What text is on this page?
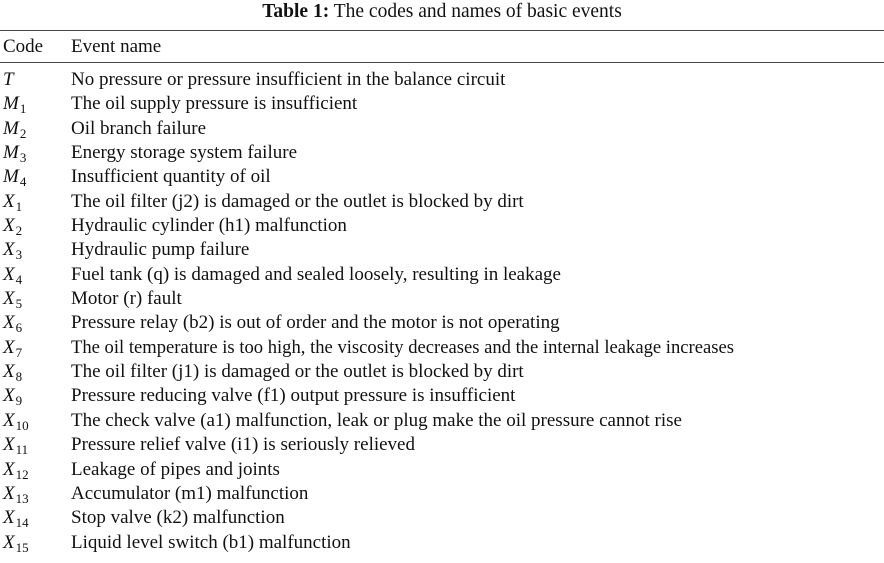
Table 1: The codes and names of basic events
Code	Event name
T	No pressure or pressure insufficient in the balance circuit
$M_1$	The oil supply pressure is insufficient
$M_2$	Oil branch failure
$M_3$	Energy storage system failure
$M_4$	Insufficient quantity of oil
$X_1$	The oil filter (j2) is damaged or the outlet is blocked by dirt
$X_2$	Hydraulic cylinder (h1) malfunction
$X_3$	Hydraulic pump failure
$X_4$	Fuel tank (q) is damaged and sealed loosely, resulting in leakage
$X_5$	Motor (r) fault
$X_6$	Pressure relay (b2) is out of order and the motor is not operating
$X_7$	The oil temperature is too high, the viscosity decreases and the internal leakage increases
$X_8$	The oil filter (j1) is damaged or the outlet is blocked by dirt
$X_9$	Pressure reducing valve (f1) output pressure is insufficient
$X_{10}$	The check valve (a1) malfunction, leak or plug make the oil pressure cannot rise
$X_{11}$	Pressure relief valve (i1) is seriously relieved
$X_{12}$	Leakage of pipes and joints
$X_{13}$	Accumulator (m1) malfunction
$X_{14}$	Stop valve (k2) malfunction
$X_{15}$	Liquid level switch (b1) malfunction
